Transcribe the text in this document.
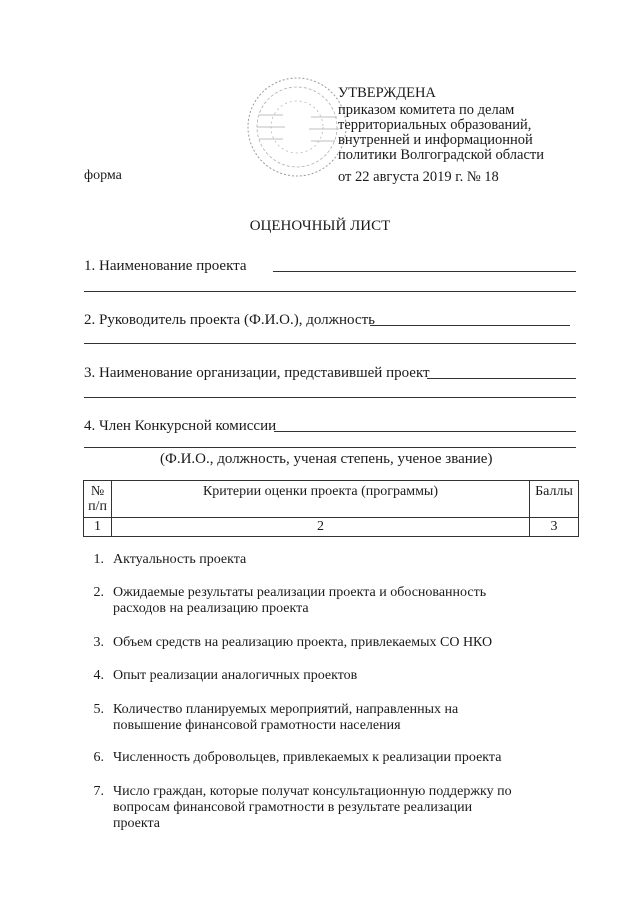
УТВЕРЖДЕНА
приказом комитета по делам
территориальных образований,
внутренней и информационной
политики Волгоградской области
от 22 августа 2019 г. № 18
форма
ОЦЕНОЧНЫЙ ЛИСТ
1. Наименование проекта
2. Руководитель проекта (Ф.И.О.), должность
3. Наименование организации, представившей проект
4. Член Конкурсной комиссии
(Ф.И.О., должность, ученая степень, ученое звание)
№
п/п	Критерии оценки проекта (программы)	Баллы
1	2	3
1. Актуальность проекта
2. Ожидаемые результаты реализации проекта и обоснованность расходов на реализацию проекта
3. Объем средств на реализацию проекта, привлекаемых СО НКО
4. Опыт реализации аналогичных проектов
5. Количество планируемых мероприятий, направленных на повышение финансовой грамотности населения
6. Численность добровольцев, привлекаемых к реализации проекта
7. Число граждан, которые получат консультационную поддержку по вопросам финансовой грамотности в результате реализации проекта
